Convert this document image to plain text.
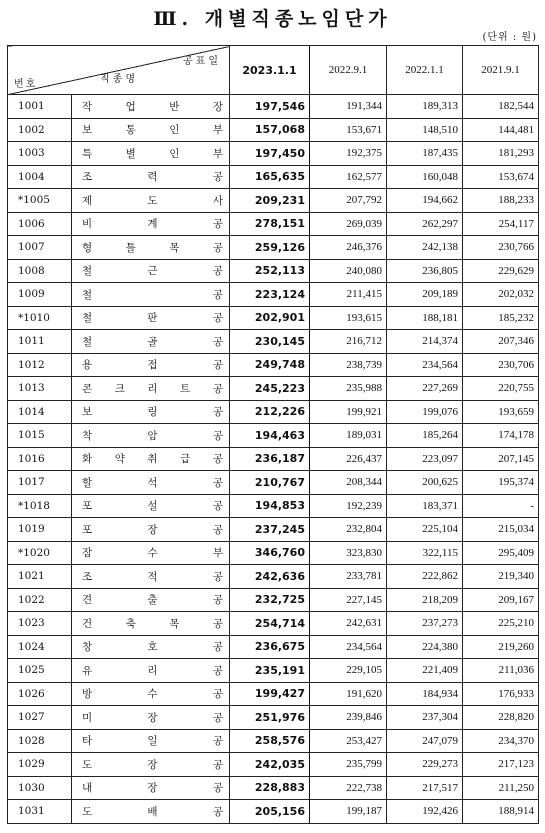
Ⅲ. 개별직종노임단가
(단위 : 원)
공표일
직종명
번호		2023.1.1	2022.9.1	2022.1.1	2021.9.1
1001	작 업 반 장	197,546	191,344	189,313	182,544
1002	보 통 인 부	157,068	153,671	148,510	144,481
1003	특 별 인 부	197,450	192,375	187,435	181,293
1004	조 력 공	165,635	162,577	160,048	153,674
*1005	제 도 사	209,231	207,792	194,662	188,233
1006	비 계 공	278,151	269,039	262,297	254,117
1007	형 틀 목 공	259,126	246,376	242,138	230,766
1008	철 근 공	252,113	240,080	236,805	229,629
1009	철 공	223,124	211,415	209,189	202,032
*1010	철 판 공	202,901	193,615	188,181	185,232
1011	철 골 공	230,145	216,712	214,374	207,346
1012	용 접 공	249,748	238,739	234,564	230,706
1013	콘 크 리 트 공	245,223	235,988	227,269	220,755
1014	보 링 공	212,226	199,921	199,076	193,659
1015	착 암 공	194,463	189,031	185,264	174,178
1016	화 약 취 급 공	236,187	226,437	223,097	207,145
1017	할 석 공	210,767	208,344	200,625	195,374
*1018	포 설 공	194,853	192,239	183,371	-
1019	포 장 공	237,245	232,804	225,104	215,034
*1020	잠 수 부	346,760	323,830	322,115	295,409
1021	조 적 공	242,636	233,781	222,862	219,340
1022	견 출 공	232,725	227,145	218,209	209,167
1023	건 축 목 공	254,714	242,631	237,273	225,210
1024	창 호 공	236,675	234,564	224,380	219,260
1025	유 리 공	235,191	229,105	221,409	211,036
1026	방 수 공	199,427	191,620	184,934	176,933
1027	미 장 공	251,976	239,846	237,304	228,820
1028	타 일 공	258,576	253,427	247,079	234,370
1029	도 장 공	242,035	235,799	229,273	217,123
1030	내 장 공	228,883	222,738	217,517	211,250
1031	도 배 공	205,156	199,187	192,426	188,914
